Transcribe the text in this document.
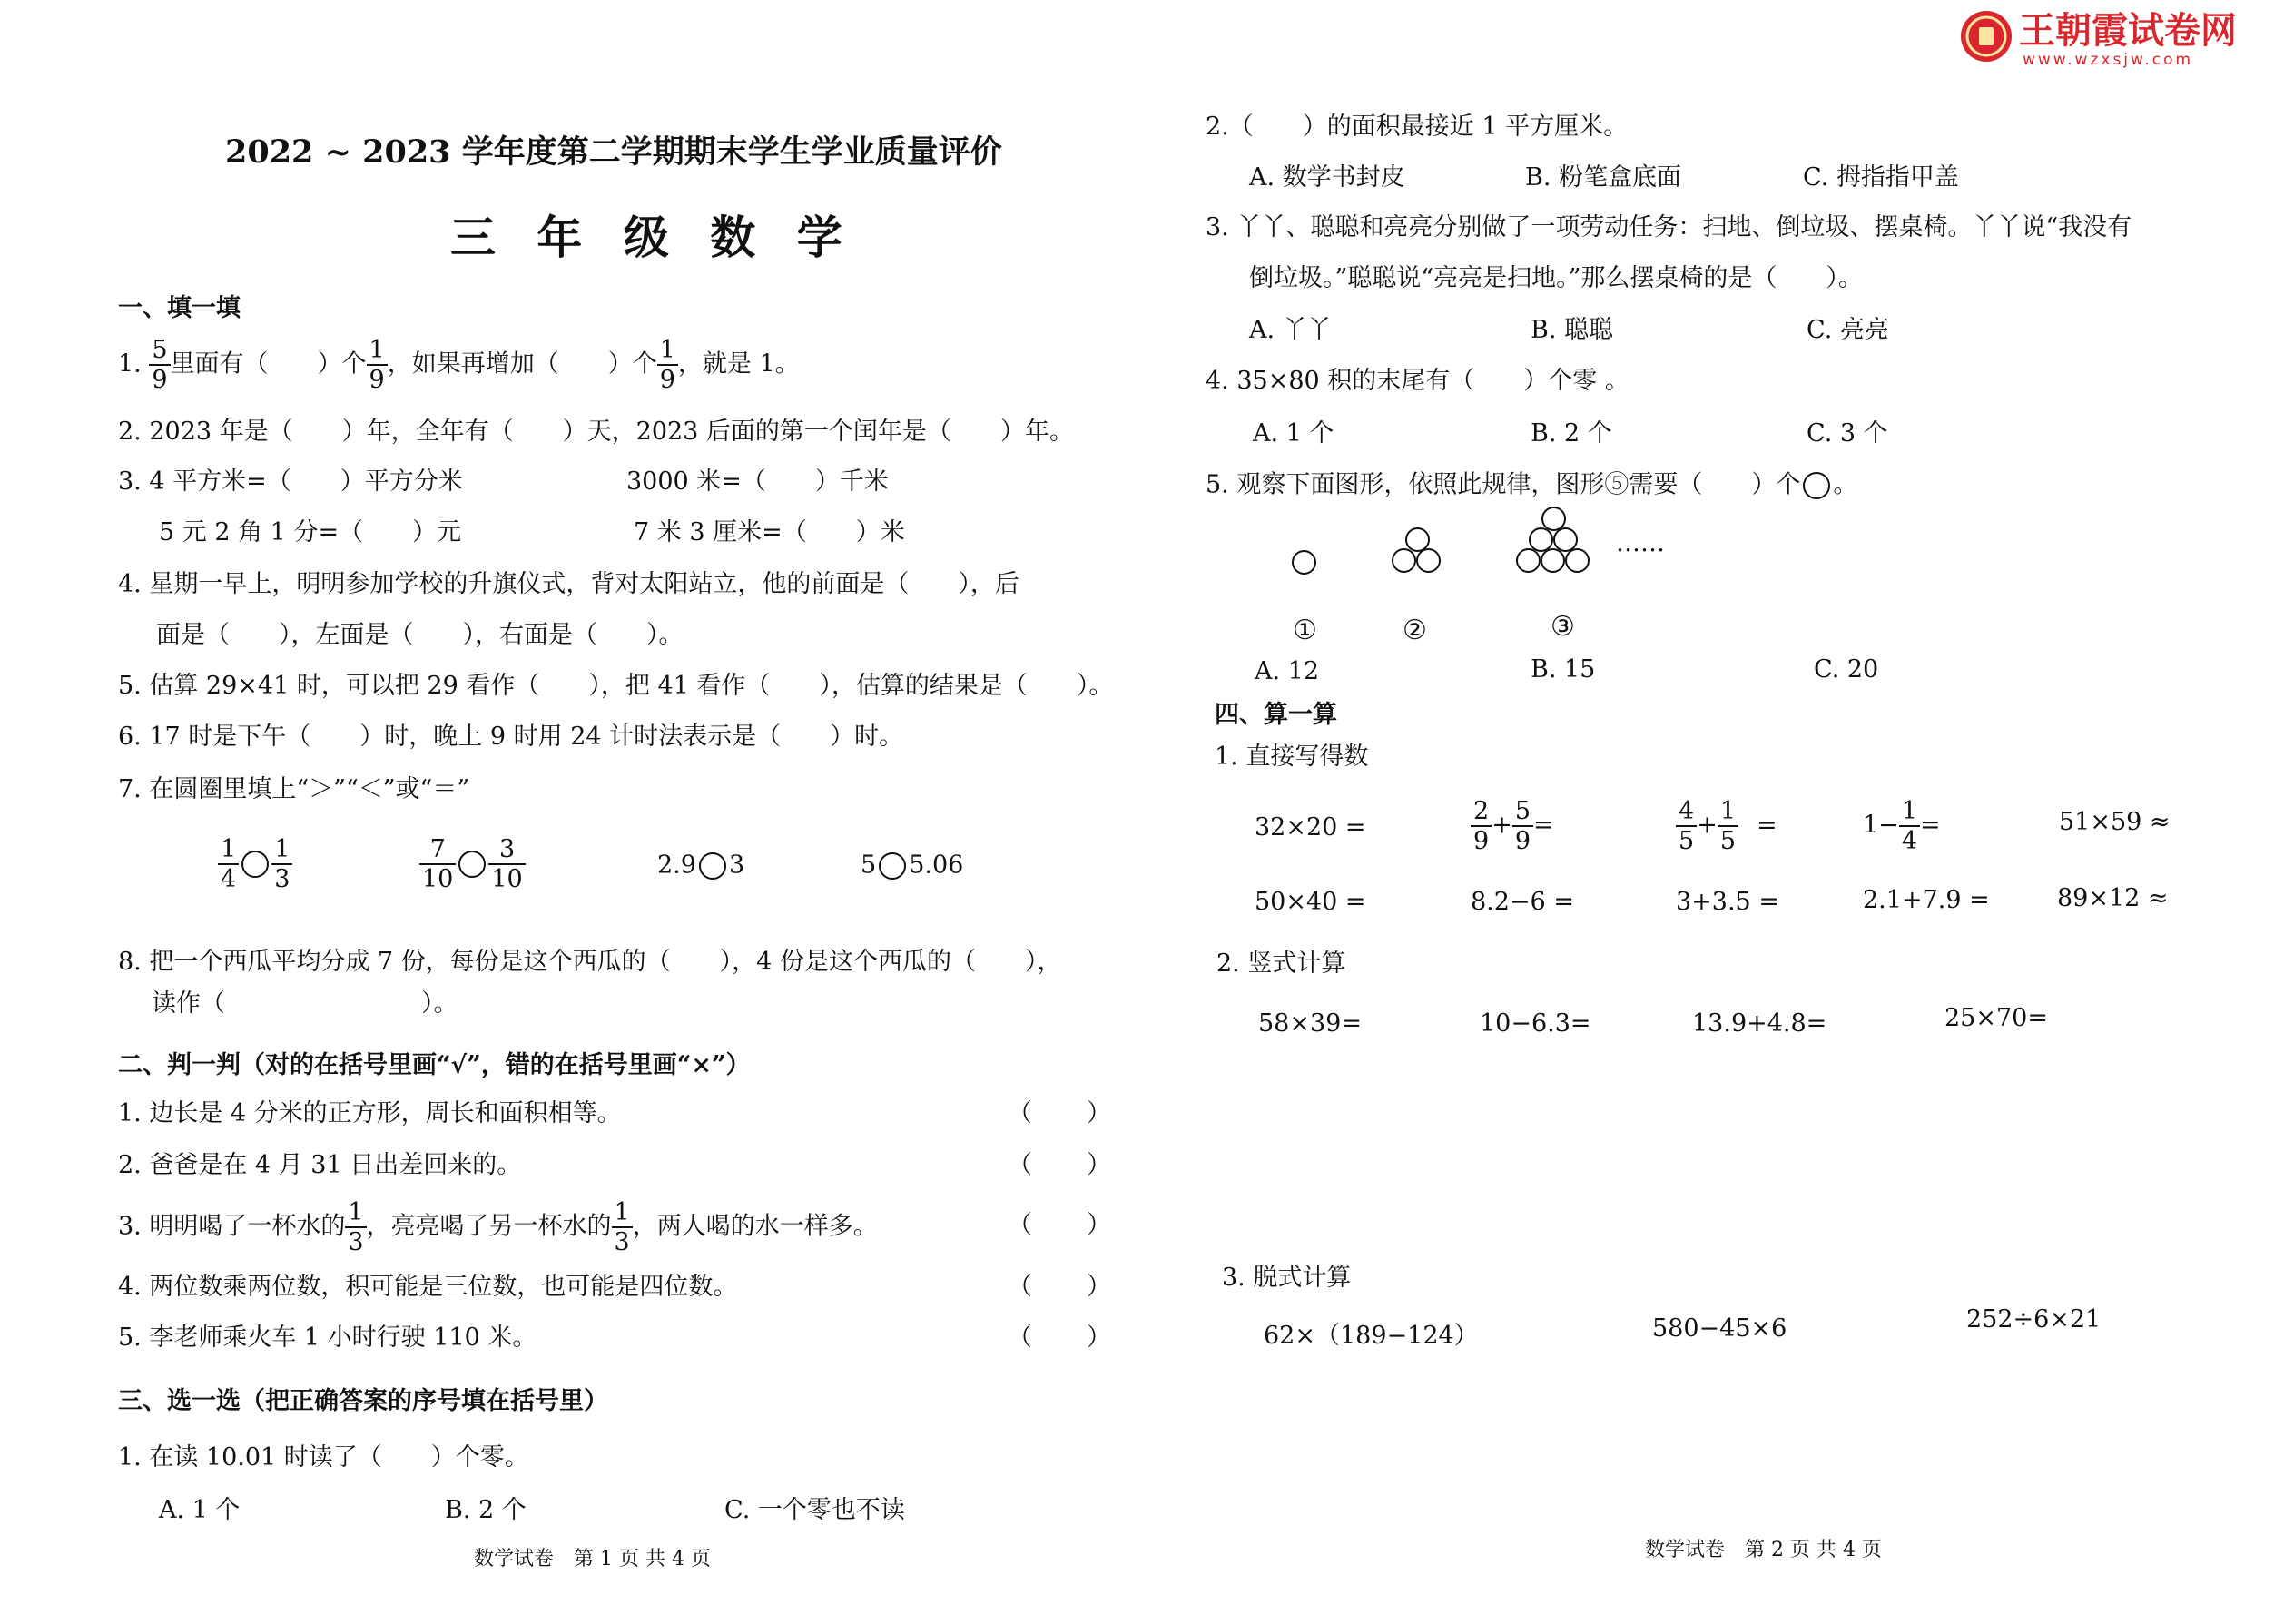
王朝霞试卷网
www.wzxsjw.com
2022 ~ 2023 学年度第二学期期末学生学业质量评价
三 年 级 数 学
一、填一填
1. $\frac{5}{9}$ 里面有（　　）个 $\frac{1}{9}$ ，如果再增加（　　）个 $\frac{1}{9}$ ，就是 1。
2. 2023 年是（　　）年，全年有（　　）天，2023 后面的第一个闰年是（　　）年。
3. 4 平方米=（　　）平方分米	3000 米=（　　）千米
5 元 2 角 1 分=（　　）元	7 米 3 厘米=（　　）米
4. 星期一早上，明明参加学校的升旗仪式，背对太阳站立，他的前面是（　　），后
面是（　　），左面是（　　），右面是（　　）。
5. 估算 29×41 时，可以把 29 看作（　　），把 41 看作（　　），估算的结果是（　　）。
6. 17 时是下午（　　）时，晚上 9 时用 24 计时法表示是（　　）时。
7. 在圆圈里填上“＞”“＜”或“＝”
$\frac{1}{4} \frac{1}{3}$	$\frac{7}{10} \frac{3}{10}$	2.9 3	5 5.06
8. 把一个西瓜平均分成 7 份，每份是这个西瓜的（　　），4 份是这个西瓜的（　　），
读作（　　　　　　　　）。
二、判一判（对的在括号里画“√”，错的在括号里画“×”）
1. 边长是 4 分米的正方形，周长和面积相等。
2. 爸爸是在 4 月 31 日出差回来的。
3. 明明喝了一杯水的 $\frac{1}{3}$ ，亮亮喝了另一杯水的 $\frac{1}{3}$ ，两人喝的水一样多。
4. 两位数乘两位数，积可能是三位数，也可能是四位数。
5. 李老师乘火车 1 小时行驶 110 米。
（　　）
（　　）
（　　）
（　　）
（　　）
三、选一选（把正确答案的序号填在括号里）
1. 在读 10.01 时读了（　　）个零。
A. 1 个	B. 2 个	C. 一个零也不读
数学试卷　第 1 页 共 4 页
2.（　　）的面积最接近 1 平方厘米。
A. 数学书封皮	B. 粉笔盒底面	C. 拇指指甲盖
3. 丫丫、聪聪和亮亮分别做了一项劳动任务：扫地、倒垃圾、摆桌椅。丫丫说“我没有
倒垃圾。”聪聪说“亮亮是扫地。”那么摆桌椅的是（　　）。
A. 丫丫	B. 聪聪	C. 亮亮
4. 35×80 积的末尾有（　　）个零 。
A. 1 个	B. 2 个	C. 3 个
5. 观察下面图形，依照此规律，图形⑤需要（　　）个 。
……
①	②	③
A. 12	B. 15	C. 20
四、算一算
1. 直接写得数
32×20 =	$\frac{2}{9} + \frac{5}{9}$ =	$\frac{4}{5} + \frac{1}{5}$ =	$1- \frac{1}{4}$ =	51×59 ≈
50×40 =	8.2−6 =	3+3.5 =	2.1+7.9 =	89×12 ≈
2. 竖式计算
58×39=	10−6.3=	13.9+4.8=	25×70=
3. 脱式计算
62×（189−124）	580−45×6	252÷6×21
数学试卷　第 2 页 共 4 页
